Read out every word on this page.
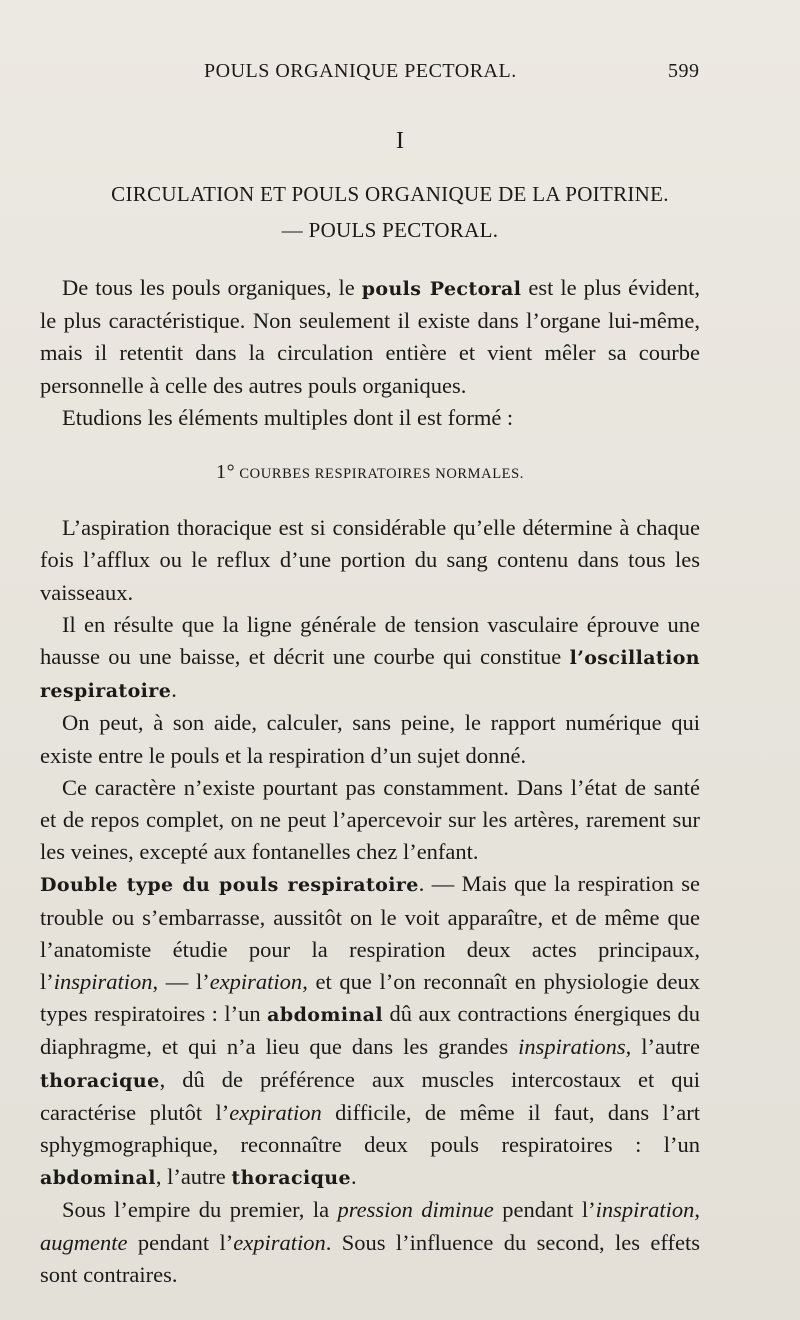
POULS ORGANIQUE PECTORAL.	599
I
CIRCULATION ET POULS ORGANIQUE DE LA POITRINE.
— POULS PECTORAL.

De tous les pouls organiques, le pouls Pectoral est le plus évident, le plus caractéristique. Non seulement il existe dans l’organe lui-même, mais il retentit dans la circulation entière et vient mêler sa courbe personnelle à celle des autres pouls organiques.

Etudions les éléments multiples dont il est formé :

1° COURBES RESPIRATOIRES NORMALES.

L’aspiration thoracique est si considérable qu’elle détermine à chaque fois l’afflux ou le reflux d’une portion du sang contenu dans tous les vaisseaux.

Il en résulte que la ligne générale de tension vasculaire éprouve une hausse ou une baisse, et décrit une courbe qui constitue l’oscillation respiratoire.

On peut, à son aide, calculer, sans peine, le rapport numérique qui existe entre le pouls et la respiration d’un sujet donné.

Ce caractère n’existe pourtant pas constamment. Dans l’état de santé et de repos complet, on ne peut l’apercevoir sur les artères, rarement sur les veines, excepté aux fontanelles chez l’enfant.

Double type du pouls respiratoire. — Mais que la respiration se trouble ou s’embarrasse, aussitôt on le voit apparaître, et de même que l’anatomiste étudie pour la respiration deux actes principaux, l’inspiration, — l’expiration, et que l’on reconnaît en physiologie deux types respiratoires : l’un abdominal dû aux contractions énergiques du diaphragme, et qui n’a lieu que dans les grandes inspirations, l’autre thoracique, dû de préférence aux muscles intercostaux et qui caractérise plutôt l’expiration difficile, de même il faut, dans l’art sphygmographique, reconnaître deux pouls respiratoires : l’un abdominal, l’autre thoracique.

Sous l’empire du premier, la pression diminue pendant l’inspiration, augmente pendant l’expiration. Sous l’influence du second, les effets sont contraires.
